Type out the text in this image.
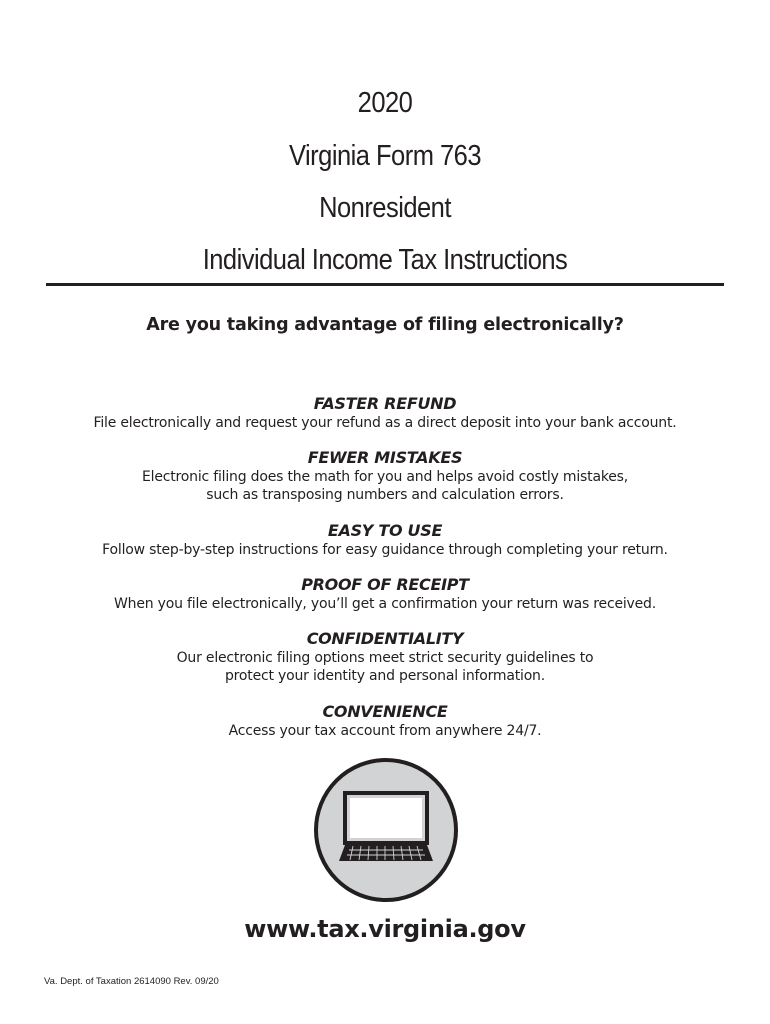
2020
Virginia Form 763
Nonresident
Individual Income Tax Instructions
Are you taking advantage of filing electronically?
FASTER REFUND
File electronically and request your refund as a direct deposit into your bank account.
FEWER MISTAKES
Electronic filing does the math for you and helps avoid costly mistakes,
such as transposing numbers and calculation errors.
EASY TO USE
Follow step-by-step instructions for easy guidance through completing your return.
PROOF OF RECEIPT
When you file electronically, you’ll get a confirmation your return was received.
CONFIDENTIALITY
Our electronic filing options meet strict security guidelines to
protect your identity and personal information.
CONVENIENCE
Access your tax account from anywhere 24/7.
www.tax.virginia.gov
Va. Dept. of Taxation 2614090 Rev. 09/20
